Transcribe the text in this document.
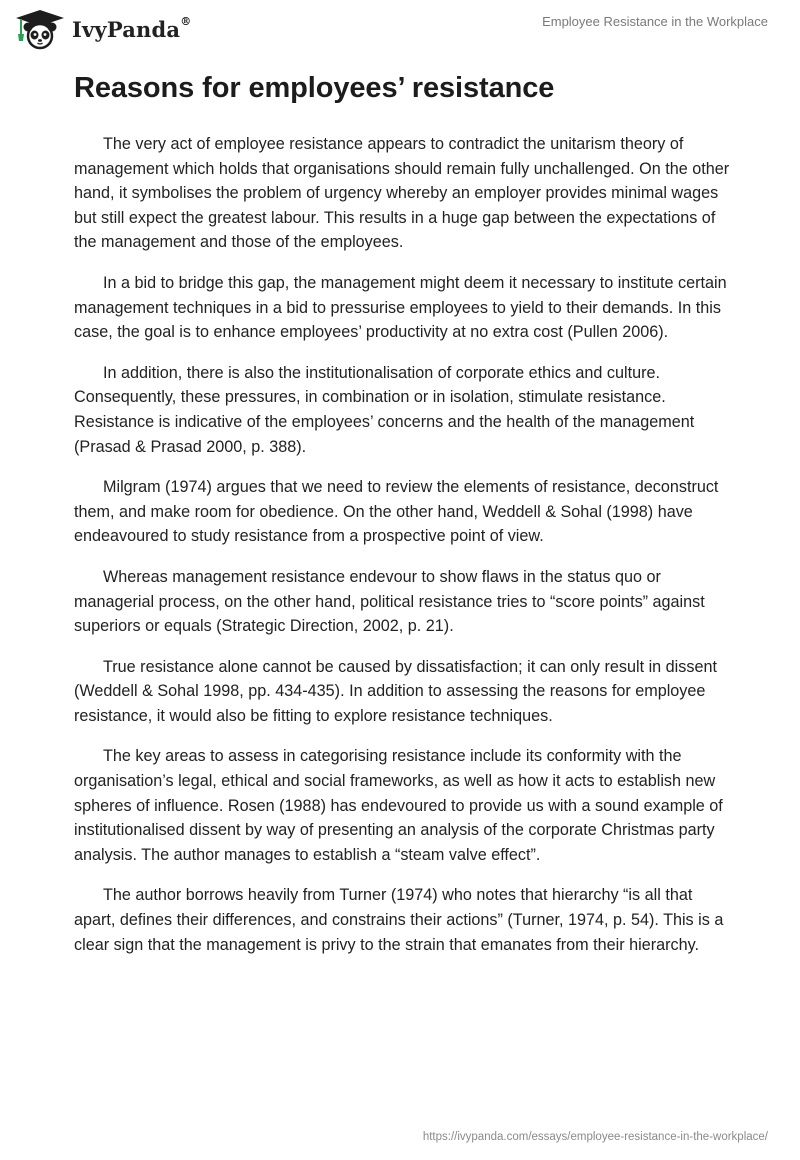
IvyPanda®	Employee Resistance in the Workplace
Reasons for employees’ resistance

The very act of employee resistance appears to contradict the unitarism theory of management which holds that organisations should remain fully unchallenged. On the other hand, it symbolises the problem of urgency whereby an employer provides minimal wages but still expect the greatest labour. This results in a huge gap between the expectations of the management and those of the employees.

In a bid to bridge this gap, the management might deem it necessary to institute certain management techniques in a bid to pressurise employees to yield to their demands. In this case, the goal is to enhance employees’ productivity at no extra cost (Pullen 2006).

In addition, there is also the institutionalisation of corporate ethics and culture. Consequently, these pressures, in combination or in isolation, stimulate resistance. Resistance is indicative of the employees’ concerns and the health of the management (Prasad & Prasad 2000, p. 388).

Milgram (1974) argues that we need to review the elements of resistance, deconstruct them, and make room for obedience. On the other hand, Weddell & Sohal (1998) have endeavoured to study resistance from a prospective point of view.

Whereas management resistance endevour to show flaws in the status quo or managerial process, on the other hand, political resistance tries to “score points” against superiors or equals (Strategic Direction, 2002, p. 21).

True resistance alone cannot be caused by dissatisfaction; it can only result in dissent (Weddell & Sohal 1998, pp. 434-435). In addition to assessing the reasons for employee resistance, it would also be fitting to explore resistance techniques.

The key areas to assess in categorising resistance include its conformity with the organisation’s legal, ethical and social frameworks, as well as how it acts to establish new spheres of influence. Rosen (1988) has endevoured to provide us with a sound example of institutionalised dissent by way of presenting an analysis of the corporate Christmas party analysis. The author manages to establish a “steam valve effect”.

The author borrows heavily from Turner (1974) who notes that hierarchy “is all that apart, defines their differences, and constrains their actions” (Turner, 1974, p. 54). This is a clear sign that the management is privy to the strain that emanates from their hierarchy.

https://ivypanda.com/essays/employee-resistance-in-the-workplace/
